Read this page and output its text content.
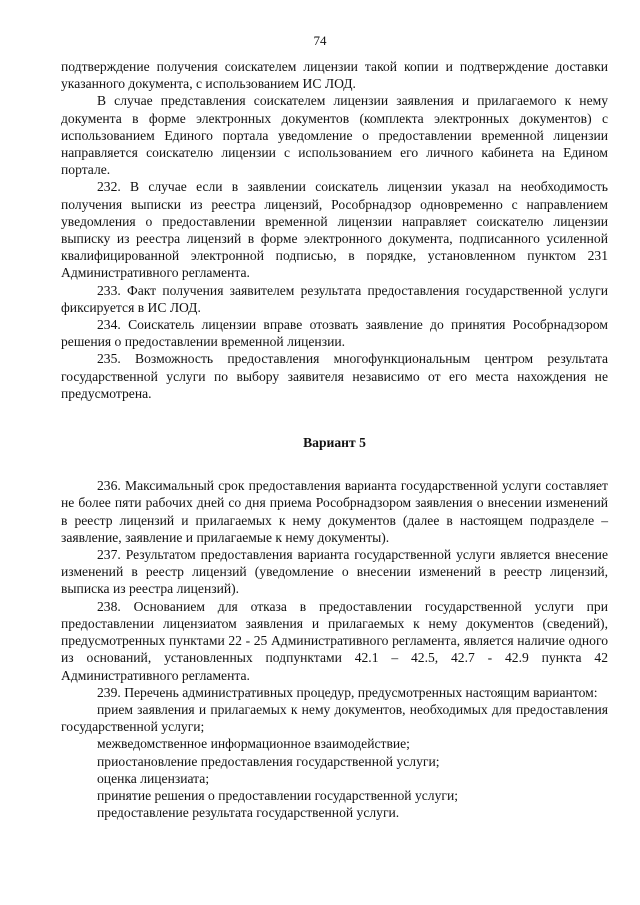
74

подтверждение получения соискателем лицензии такой копии и подтверждение доставки указанного документа, с использованием ИС ЛОД.

В случае представления соискателем лицензии заявления и прилагаемого к нему документа в форме электронных документов (комплекта электронных документов) с использованием Единого портала уведомление о предоставлении временной лицензии направляется соискателю лицензии с использованием его личного кабинета на Едином портале.

232. В случае если в заявлении соискатель лицензии указал на необходимость получения выписки из реестра лицензий, Рособрнадзор одновременно с направлением уведомления о предоставлении временной лицензии направляет соискателю лицензии выписку из реестра лицензий в форме электронного документа, подписанного усиленной квалифицированной электронной подписью, в порядке, установленном пунктом 231 Административного регламента.

233. Факт получения заявителем результата предоставления государственной услуги фиксируется в ИС ЛОД.

234. Соискатель лицензии вправе отозвать заявление до принятия Рособрнадзором решения о предоставлении временной лицензии.

235. Возможность предоставления многофункциональным центром результата государственной услуги по выбору заявителя независимо от его места нахождения не предусмотрена.

Вариант 5

236. Максимальный срок предоставления варианта государственной услуги составляет не более пяти рабочих дней со дня приема Рособрнадзором заявления о внесении изменений в реестр лицензий и прилагаемых к нему документов (далее в настоящем подразделе – заявление, заявление и прилагаемые к нему документы).

237. Результатом предоставления варианта государственной услуги является внесение изменений в реестр лицензий (уведомление о внесении изменений в реестр лицензий, выписка из реестра лицензий).

238. Основанием для отказа в предоставлении государственной услуги при предоставлении лицензиатом заявления и прилагаемых к нему документов (сведений), предусмотренных пунктами 22 - 25 Административного регламента, является наличие одного из оснований, установленных подпунктами 42.1 – 42.5, 42.7 - 42.9 пункта 42 Административного регламента.

239. Перечень административных процедур, предусмотренных настоящим вариантом:

прием заявления и прилагаемых к нему документов, необходимых для предоставления государственной услуги;

межведомственное информационное взаимодействие;

приостановление предоставления государственной услуги;

оценка лицензиата;

принятие решения о предоставлении государственной услуги;

предоставление результата государственной услуги.
